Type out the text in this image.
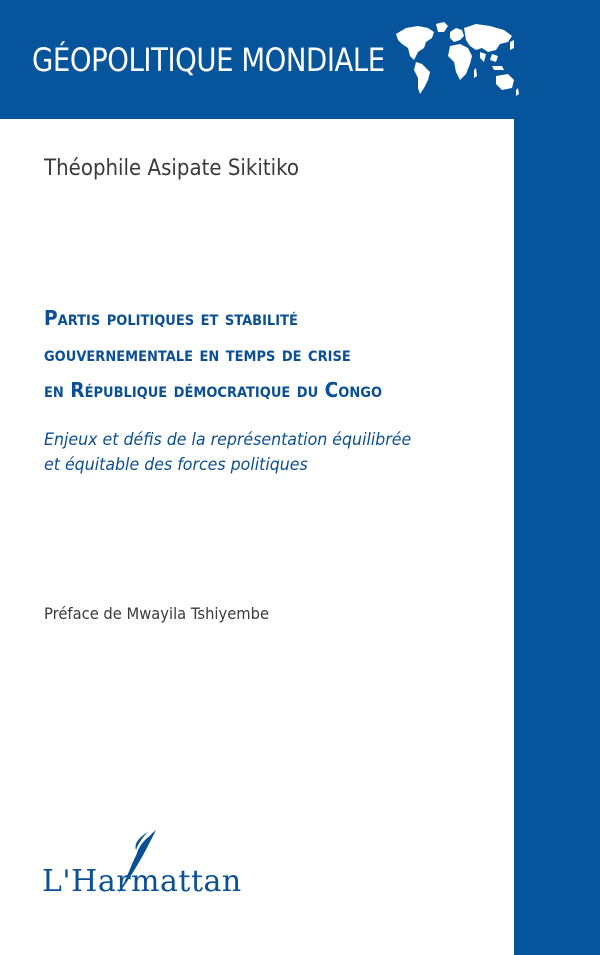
GÉOPOLITIQUE MONDIALE
Théophile Asipate Sikitiko
Partis politiques et stabilité
gouvernementale en temps de crise
en République démocratique du Congo
Enjeux et défis de la représentation équilibrée
et équitable des forces politiques
Préface de Mwayila Tshiyembe
L'Harmattan
